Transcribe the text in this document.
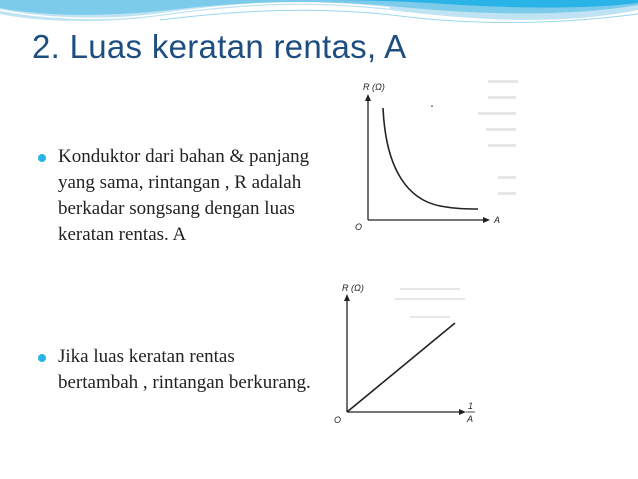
2. Luas keratan rentas, A
Konduktor dari bahan & panjang yang sama, rintangan , R adalah berkadar songsang dengan luas keratan rentas. A
Jika luas keratan rentas bertambah , rintangan berkurang.
R (Ω)
A
O
R (Ω)
1
A
O
